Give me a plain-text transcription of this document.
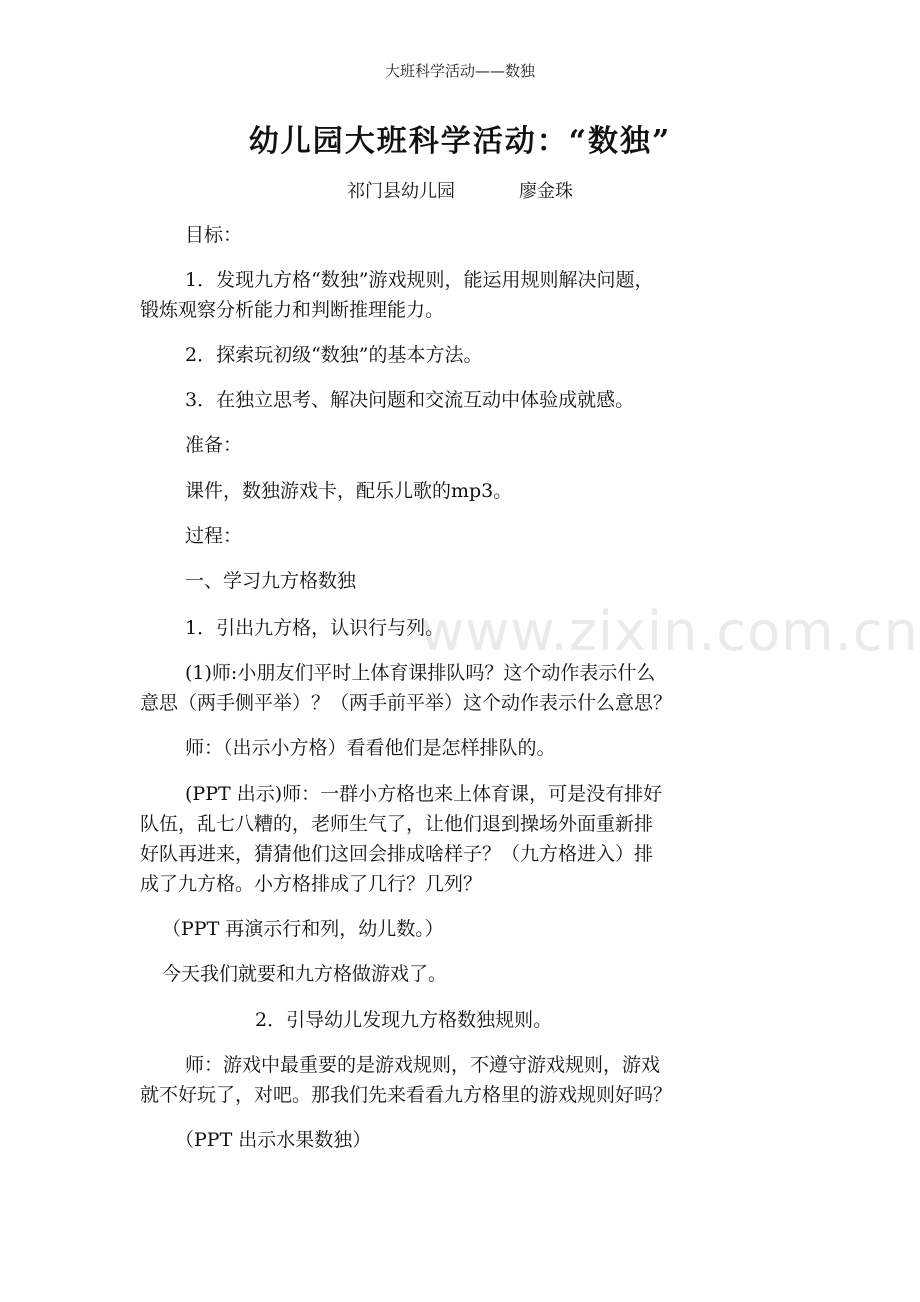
大班科学活动——数独
幼儿园大班科学活动：“数独”
祁门县幼儿园	廖金珠
www.zixin.com.cn
目标：
1．发现九方格“数独”游戏规则，能运用规则解决问题，
锻炼观察分析能力和判断推理能力。
2．探索玩初级“数独”的基本方法。
3．在独立思考、解决问题和交流互动中体验成就感。
准备：
课件，数独游戏卡，配乐儿歌的mp3。
过程：
一、学习九方格数独
1．引出九方格，认识行与列。
(1)师:小朋友们平时上体育课排队吗？这个动作表示什么
意思（两手侧平举）？（两手前平举）这个动作表示什么意思？
师：（出示小方格）看看他们是怎样排队的。
(PPT 出示)师：一群小方格也来上体育课，可是没有排好
队伍，乱七八糟的，老师生气了，让他们退到操场外面重新排
好队再进来，猜猜他们这回会排成啥样子？（九方格进入）排
成了九方格。小方格排成了几行？几列？
（PPT 再演示行和列，幼儿数。）
今天我们就要和九方格做游戏了。
2．引导幼儿发现九方格数独规则。
师：游戏中最重要的是游戏规则，不遵守游戏规则，游戏
就不好玩了，对吧。那我们先来看看九方格里的游戏规则好吗？
（PPT 出示水果数独）
